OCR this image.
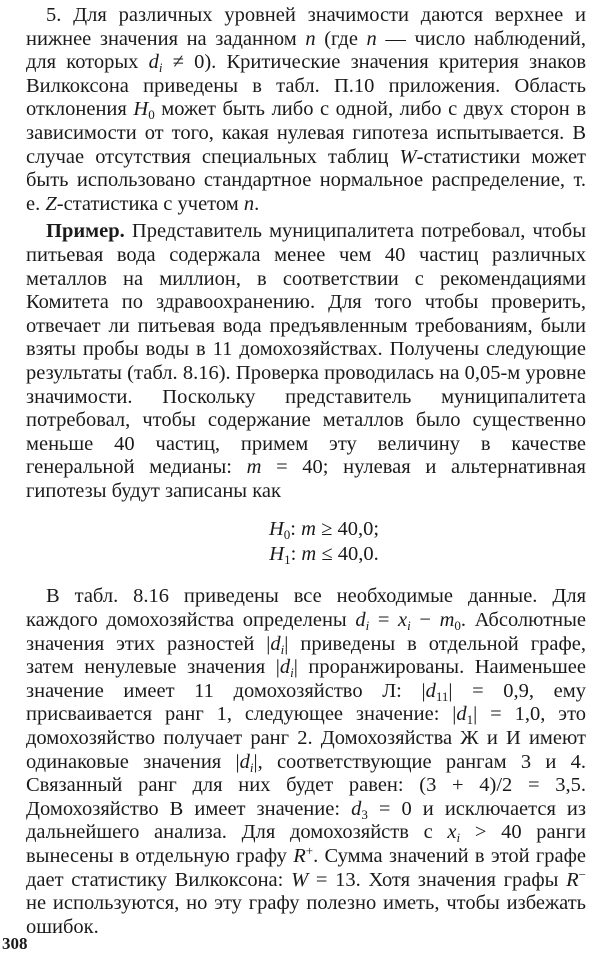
5. Для различных уровней значимости даются верхнее и нижнее значения на заданном n (где n — число наблюдений, для которых $d_i \ne 0$). Критические значения критерия знаков Вилкоксона приведены в табл. П.10 приложения. Область отклонения $H_0$ может быть либо с одной, либо с двух сторон в зависимости от того, какая нулевая гипотеза испытывается. В случае отсутствия специальных таблиц W-статистики может быть использовано стандартное нормальное распределение, т. е. Z-статистика с учетом n.

Пример. Представитель муниципалитета потребовал, чтобы питьевая вода содержала менее чем 40 частиц различных металлов на миллион, в соответствии с рекомендациями Комитета по здравоохранению. Для того чтобы проверить, отвечает ли питьевая вода предъявленным требованиям, были взяты пробы воды в 11 домохозяйствах. Получены следующие результаты (табл. 8.16). Проверка проводилась на 0,05-м уровне значимости. Поскольку представитель муниципалитета потребовал, чтобы содержание металлов было существенно меньше 40 частиц, примем эту величину в качестве генеральной медианы: m = 40; нулевая и альтернативная гипотезы будут записаны как

$H_0$: m ≥ 40,0;
$H_1$: m ≤ 40,0.

В табл. 8.16 приведены все необходимые данные. Для каждого домохозяйства определены $d_i = x_i - m_0$. Абсолютные значения этих разностей $|d_i|$ приведены в отдельной графе, затем ненулевые значения $|d_i|$ проранжированы. Наименьшее значение имеет 11 домохозяйство Л: $|d_{11}| = 0,9$, ему присваивается ранг 1, следующее значение: $|d_1| = 1,0$, это домохозяйство получает ранг 2. Домохозяйства Ж и И имеют одинаковые значения $|d_i|$, соответствующие рангам 3 и 4. Связанный ранг для них будет равен: (3 + 4)/2 = 3,5. Домохозяйство В имеет значение: $d_3 = 0$ и исключается из дальнейшего анализа. Для домохозяйств с $x_i > 40$ ранги вынесены в отдельную графу R+. Сумма значений в этой графе дает статистику Вилкоксона: W = 13. Хотя значения графы R− не используются, но эту графу полезно иметь, чтобы избежать ошибок.

308
